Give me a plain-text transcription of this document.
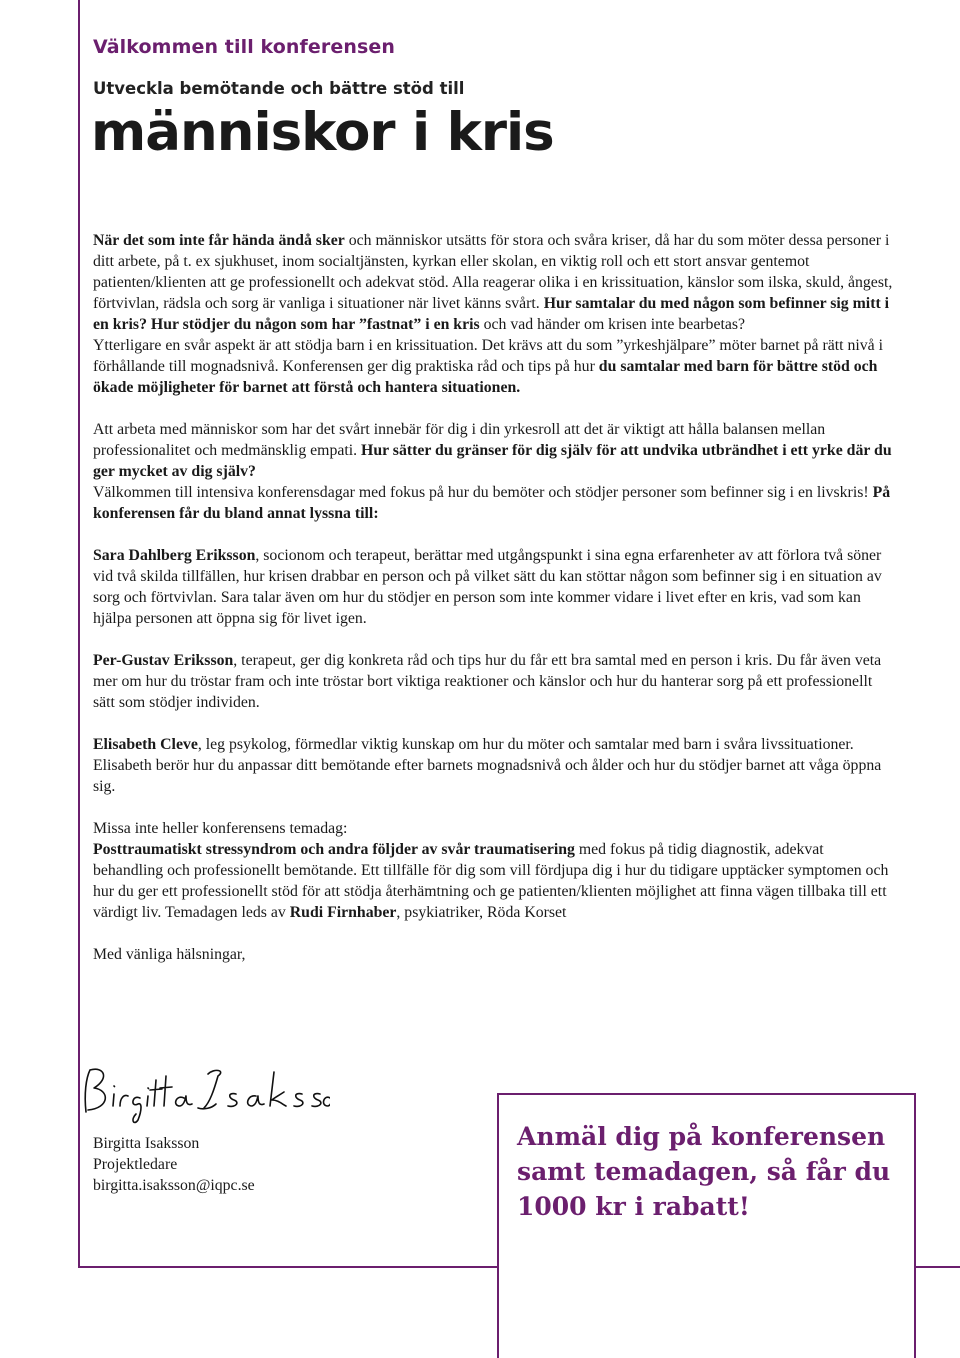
Välkommen till konferensen
Utveckla bemötande och bättre stöd till
människor i kris

När det som inte får hända ändå sker och människor utsätts för stora och svåra kriser, då har du som möter dessa personer i ditt arbete, på t. ex sjukhuset, inom socialtjänsten, kyrkan eller skolan, en viktig roll och ett stort ansvar gentemot patienten/klienten att ge professionellt och adekvat stöd. Alla reagerar olika i en krissituation, känslor som ilska, skuld, ångest, förtvivlan, rädsla och sorg är vanliga i situationer när livet känns svårt. Hur samtalar du med någon som befinner sig mitt i en kris? Hur stödjer du någon som har ”fastnat” i en kris och vad händer om krisen inte bearbetas?

Ytterligare en svår aspekt är att stödja barn i en krissituation. Det krävs att du som ”yrkeshjälpare” möter barnet på rätt nivå i förhållande till mognadsnivå. Konferensen ger dig praktiska råd och tips på hur du samtalar med barn för bättre stöd och ökade möjligheter för barnet att förstå och hantera situationen.

Att arbeta med människor som har det svårt innebär för dig i din yrkesroll att det är viktigt att hålla balansen mellan professionalitet och medmänsklig empati. Hur sätter du gränser för dig själv för att undvika utbrändhet i ett yrke där du ger mycket av dig själv?

Välkommen till intensiva konferensdagar med fokus på hur du bemöter och stödjer personer som befinner sig i en livskris! På konferensen får du bland annat lyssna till:

Sara Dahlberg Eriksson, socionom och terapeut, berättar med utgångspunkt i sina egna erfarenheter av att förlora två söner vid två skilda tillfällen, hur krisen drabbar en person och på vilket sätt du kan stöttar någon som befinner sig i en situation av sorg och förtvivlan. Sara talar även om hur du stödjer en person som inte kommer vidare i livet efter en kris, vad som kan hjälpa personen att öppna sig för livet igen.

Per-Gustav Eriksson, terapeut, ger dig konkreta råd och tips hur du får ett bra samtal med en person i kris. Du får även veta mer om hur du tröstar fram och inte tröstar bort viktiga reaktioner och känslor och hur du hanterar sorg på ett professionellt sätt som stödjer individen.

Elisabeth Cleve, leg psykolog, förmedlar viktig kunskap om hur du möter och samtalar med barn i svåra livssituationer. Elisabeth berör hur du anpassar ditt bemötande efter barnets mognadsnivå och ålder och hur du stödjer barnet att våga öppna sig.

Missa inte heller konferensens temadag:

Posttraumatiskt stressyndrom och andra följder av svår traumatisering med fokus på tidig diagnostik, adekvat behandling och professionellt bemötande. Ett tillfälle för dig som vill fördjupa dig i hur du tidigare upptäcker symptomen och hur du ger ett professionellt stöd för att stödja återhämtning och ge patienten/klienten möjlighet att finna vägen tillbaka till ett värdigt liv. Temadagen leds av Rudi Firnhaber, psykiatriker, Röda Korset

Med vänliga hälsningar,

Birgitta Isaksson
Projektledare
birgitta.isaksson@iqpc.se

Anmäl dig på konferensen samt temadagen, så får du 1000 kr i rabatt!
